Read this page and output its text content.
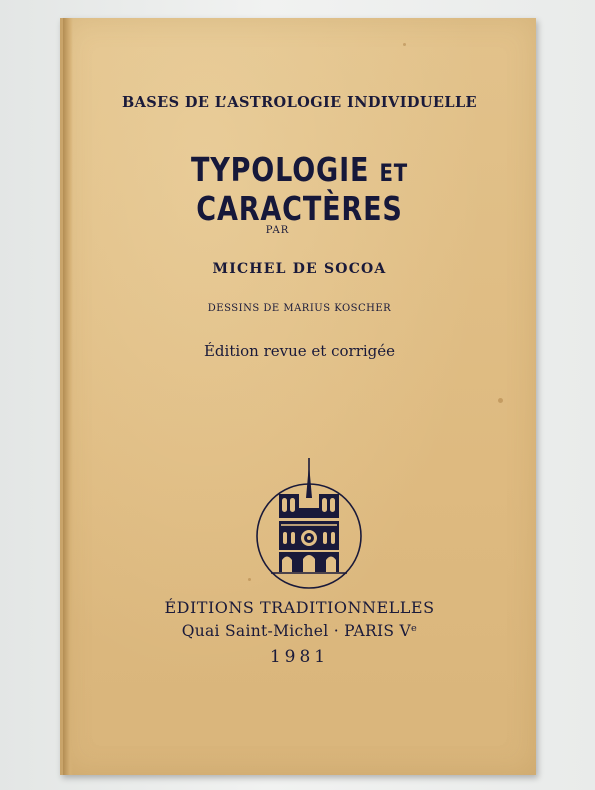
BASES DE L’ASTROLOGIE INDIVIDUELLE

TYPOLOGIE ET CARACTÈRES

PAR

MICHEL DE SOCOA

DESSINS DE MARIUS KOSCHER

Édition revue et corrigée

ÉDITIONS TRADITIONNELLES

Quai Saint-Michel · PARIS Vᵉ

1981
